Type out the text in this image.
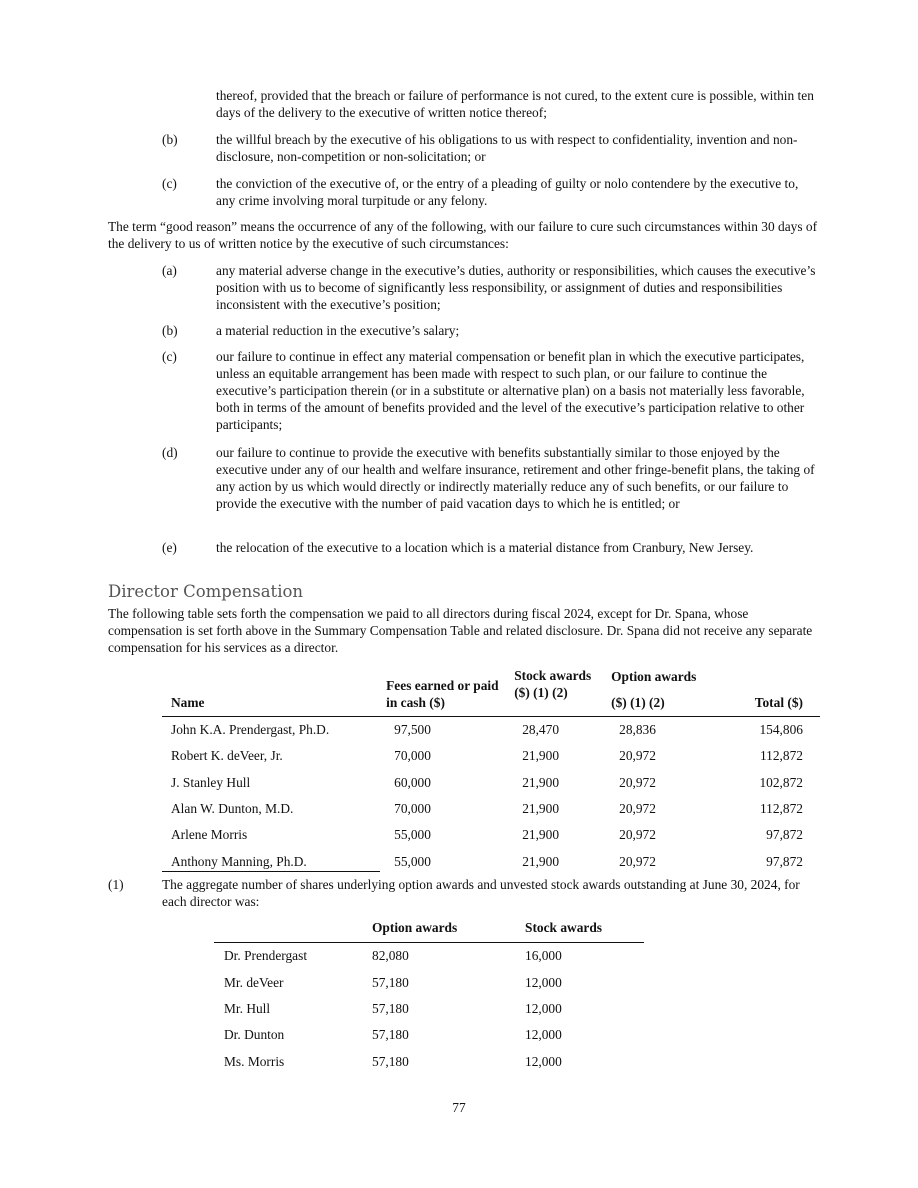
thereof, provided that the breach or failure of performance is not cured, to the extent cure is possible, within ten days of the delivery to the executive of written notice thereof;
(b)	the willful breach by the executive of his obligations to us with respect to confidentiality, invention and non-disclosure, non-competition or non-solicitation; or
(c)	the conviction of the executive of, or the entry of a pleading of guilty or nolo contendere by the executive to, any crime involving moral turpitude or any felony.
The term “good reason” means the occurrence of any of the following, with our failure to cure such circumstances within 30 days of the delivery to us of written notice by the executive of such circumstances:
(a)	any material adverse change in the executive’s duties, authority or responsibilities, which causes the executive’s position with us to become of significantly less responsibility, or assignment of duties and responsibilities inconsistent with the executive’s position;
(b)	a material reduction in the executive’s salary;
(c)	our failure to continue in effect any material compensation or benefit plan in which the executive participates, unless an equitable arrangement has been made with respect to such plan, or our failure to continue the executive’s participation therein (or in a substitute or alternative plan) on a basis not materially less favorable, both in terms of the amount of benefits provided and the level of the executive’s participation relative to other participants;
(d)	our failure to continue to provide the executive with benefits substantially similar to those enjoyed by the executive under any of our health and welfare insurance, retirement and other fringe-benefit plans, the taking of any action by us which would directly or indirectly materially reduce any of such benefits, or our failure to provide the executive with the number of paid vacation days to which he is entitled; or
(e)	the relocation of the executive to a location which is a material distance from Cranbury, New Jersey.
Director Compensation
The following table sets forth the compensation we paid to all directors during fiscal 2024, except for Dr. Spana, whose compensation is set forth above in the Summary Compensation Table and related disclosure. Dr. Spana did not receive any separate compensation for his services as a director.
Name	Fees earned or paid in cash ($)	Stock awards ($) (1) (2)	Option awards
($) (1) (2)	Total ($)
John K.A. Prendergast, Ph.D.	97,500	28,470	28,836	154,806
Robert K. deVeer, Jr.	70,000	21,900	20,972	112,872
J. Stanley Hull	60,000	21,900	20,972	102,872
Alan W. Dunton, M.D.	70,000	21,900	20,972	112,872
Arlene Morris	55,000	21,900	20,972	97,872
Anthony Manning, Ph.D.	55,000	21,900	20,972	97,872
(1)	The aggregate number of shares underlying option awards and unvested stock awards outstanding at June 30, 2024, for each director was:
	Option awards	Stock awards
Dr. Prendergast	82,080	16,000
Mr. deVeer	57,180	12,000
Mr. Hull	57,180	12,000
Dr. Dunton	57,180	12,000
Ms. Morris	57,180	12,000
77
